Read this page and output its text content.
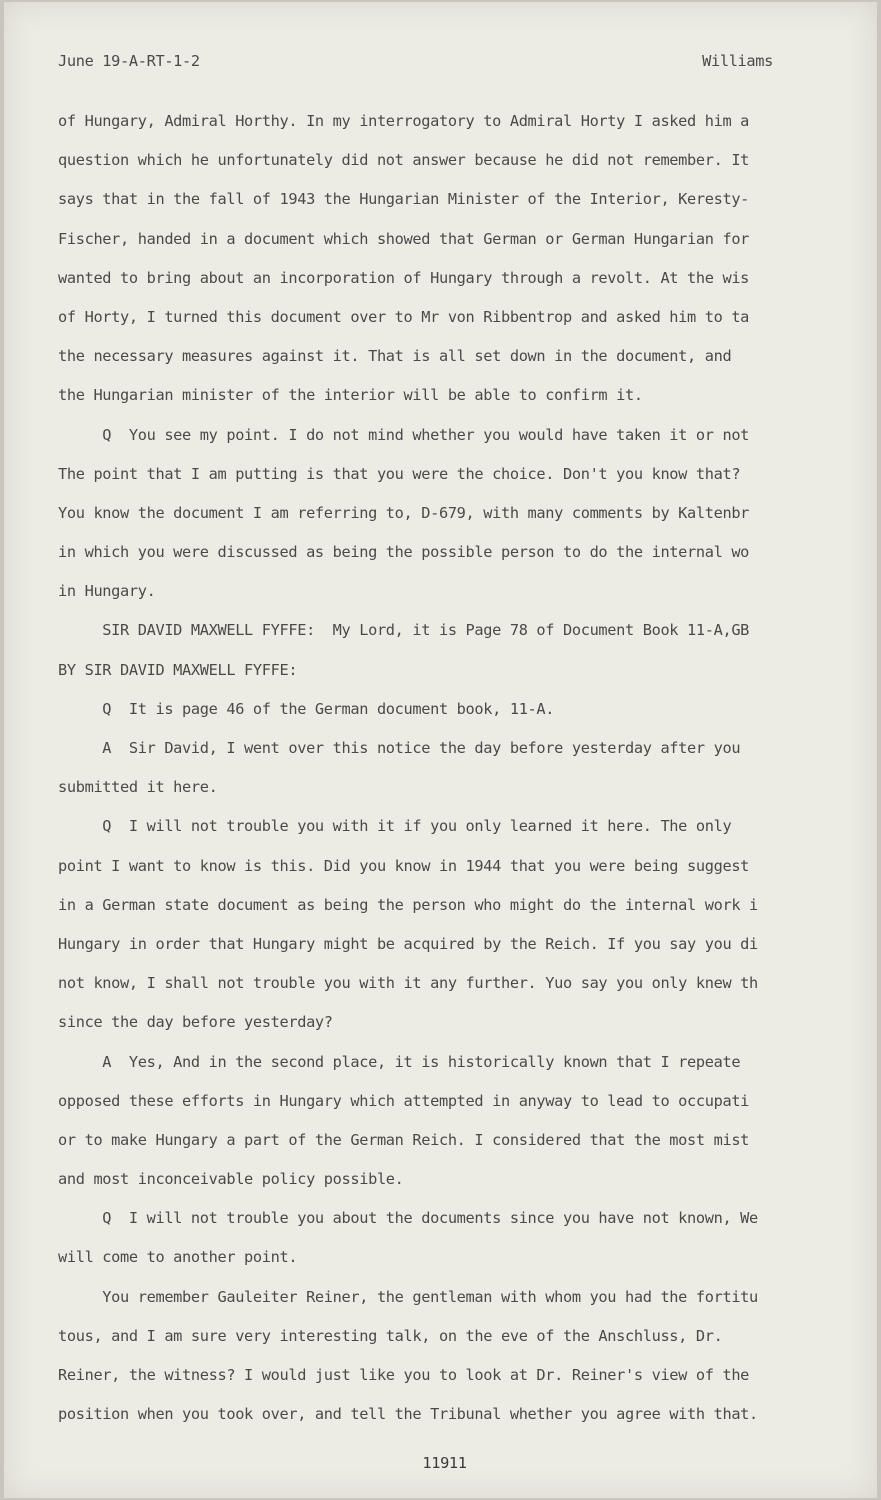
June 19-A-RT-1-2	Williams
of Hungary, Admiral Horthy. In my interrogatory to Admiral Horty I asked him a
question which he unfortunately did not answer because he did not remember. It
says that in the fall of 1943 the Hungarian Minister of the Interior, Keresty-
Fischer, handed in a document which showed that German or German Hungarian for
wanted to bring about an incorporation of Hungary through a revolt. At the wis
of Horty, I turned this document over to Mr von Ribbentrop and asked him to ta
the necessary measures against it. That is all set down in the document, and
the Hungarian minister of the interior will be able to confirm it.
Q  You see my point. I do not mind whether you would have taken it or not
The point that I am putting is that you were the choice. Don't you know that?
You know the document I am referring to, D-679, with many comments by Kaltenbr
in which you were discussed as being the possible person to do the internal wo
in Hungary.
SIR DAVID MAXWELL FYFFE:  My Lord, it is Page 78 of Document Book 11-A,GB
BY SIR DAVID MAXWELL FYFFE:
Q  It is page 46 of the German document book, 11-A.
A  Sir David, I went over this notice the day before yesterday after you
submitted it here.
Q  I will not trouble you with it if you only learned it here. The only
point I want to know is this. Did you know in 1944 that you were being suggest
in a German state document as being the person who might do the internal work i
Hungary in order that Hungary might be acquired by the Reich. If you say you di
not know, I shall not trouble you with it any further. Yuo say you only knew th
since the day before yesterday?
A  Yes, And in the second place, it is historically known that I repeate
opposed these efforts in Hungary which attempted in anyway to lead to occupati
or to make Hungary a part of the German Reich. I considered that the most mist
and most inconceivable policy possible.
Q  I will not trouble you about the documents since you have not known, We
will come to another point.
You remember Gauleiter Reiner, the gentleman with whom you had the fortitu
tous, and I am sure very interesting talk, on the eve of the Anschluss, Dr.
Reiner, the witness? I would just like you to look at Dr. Reiner's view of the
position when you took over, and tell the Tribunal whether you agree with that.
11911
